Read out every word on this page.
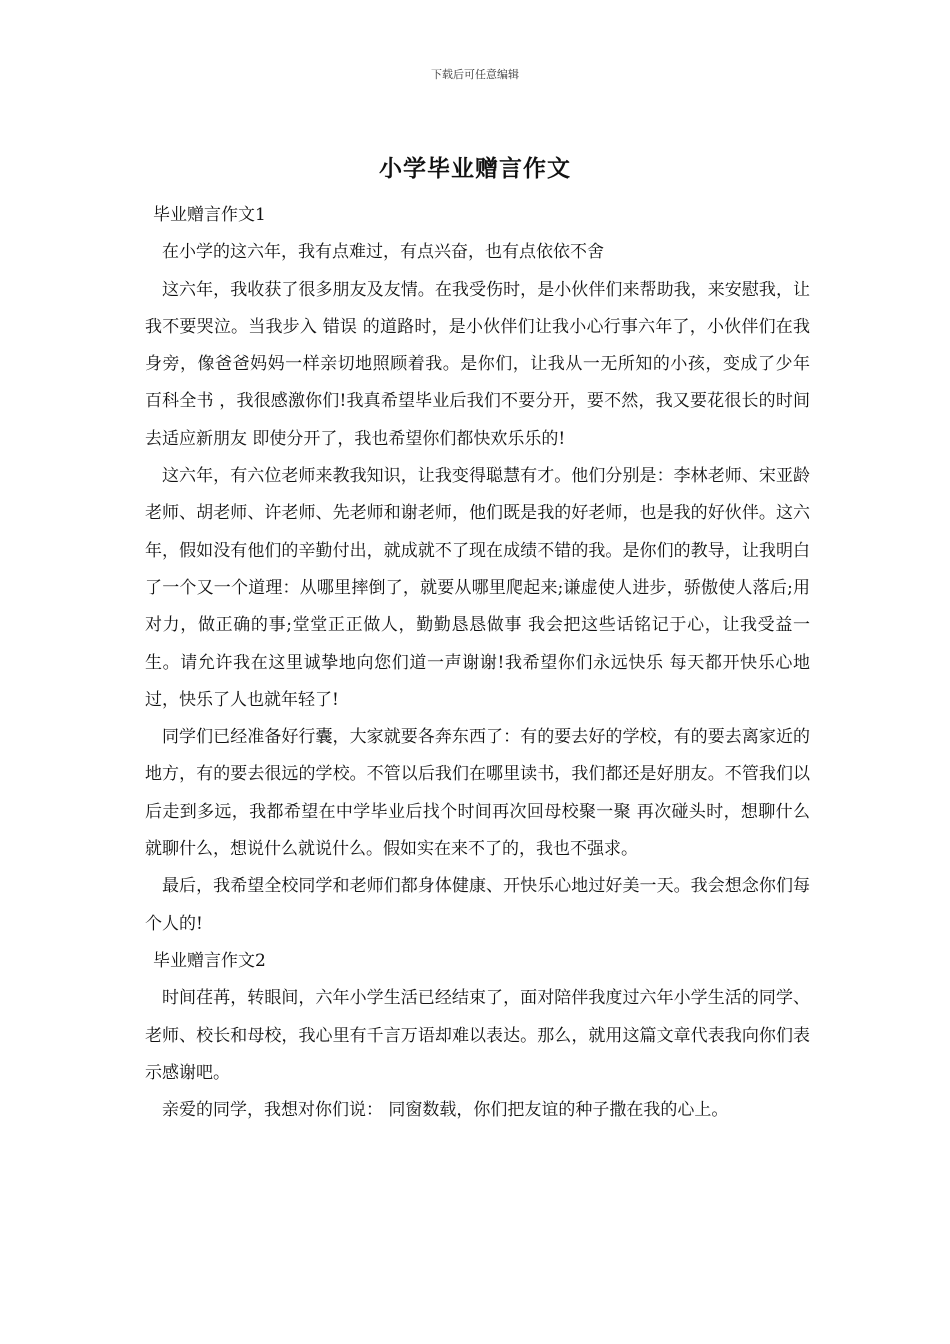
下载后可任意编辑
小学毕业赠言作文

毕业赠言作文1

在小学的这六年，我有点难过，有点兴奋，也有点依依不舍

这六年，我收获了很多朋友及友情。在我受伤时，是小伙伴们来帮助我，来安慰我，让我不要哭泣。当我步入 错误 的道路时，是小伙伴们让我小心行事六年了，小伙伴们在我身旁，像爸爸妈妈一样亲切地照顾着我。是你们，让我从一无所知的小孩，变成了少年 百科全书 ，我很感激你们!我真希望毕业后我们不要分开，要不然，我又要花很长的时间去适应新朋友 即使分开了，我也希望你们都快欢乐乐的!

这六年，有六位老师来教我知识，让我变得聪慧有才。他们分别是：李林老师、宋亚龄老师、胡老师、许老师、先老师和谢老师，他们既是我的好老师，也是我的好伙伴。这六年，假如没有他们的辛勤付出，就成就不了现在成绩不错的我。是你们的教导，让我明白了一个又一个道理：从哪里摔倒了，就要从哪里爬起来;谦虚使人进步，骄傲使人落后;用对力，做正确的事;堂堂正正做人，勤勤恳恳做事 我会把这些话铭记于心，让我受益一生。请允许我在这里诚挚地向您们道一声谢谢!我希望你们永远快乐 每天都开快乐心地过，快乐了人也就年轻了!

同学们已经准备好行囊，大家就要各奔东西了：有的要去好的学校，有的要去离家近的地方，有的要去很远的学校。不管以后我们在哪里读书，我们都还是好朋友。不管我们以后走到多远，我都希望在中学毕业后找个时间再次回母校聚一聚 再次碰头时，想聊什么就聊什么，想说什么就说什么。假如实在来不了的，我也不强求。

最后，我希望全校同学和老师们都身体健康、开快乐心地过好美一天。我会想念你们每个人的!

毕业赠言作文2

时间荏苒，转眼间，六年小学生活已经结束了，面对陪伴我度过六年小学生活的同学、老师、校长和母校，我心里有千言万语却难以表达。那么，就用这篇文章代表我向你们表示感谢吧。

亲爱的同学，我想对你们说： 同窗数载，你们把友谊的种子撒在我的心上。
